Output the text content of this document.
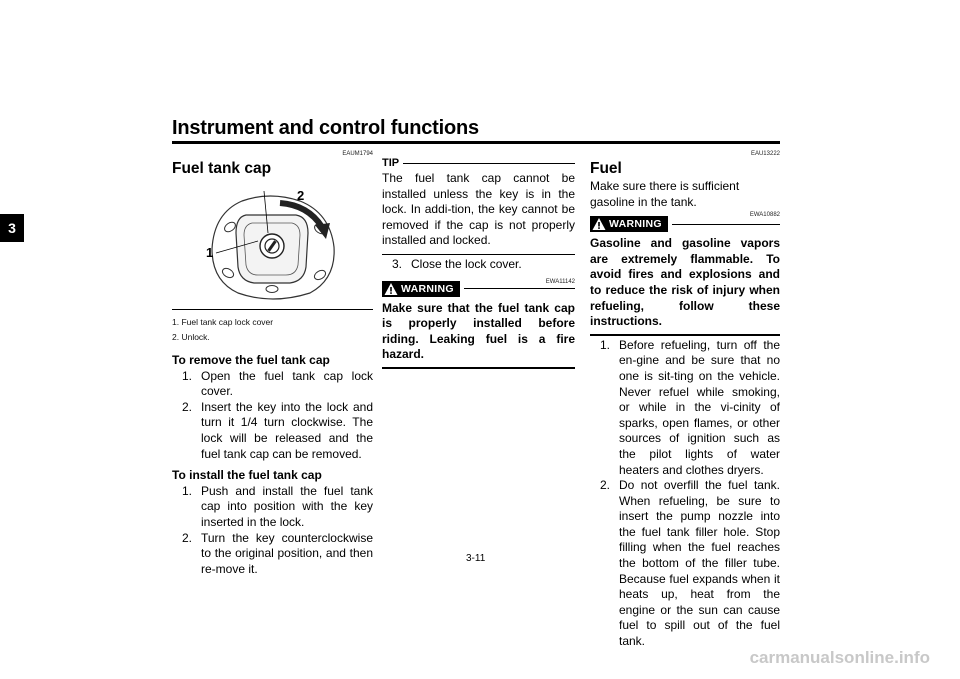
Instrument and control functions
3
EAUM1794
Fuel tank cap
1
2
1. Fuel tank cap lock cover
2. Unlock.
To remove the fuel tank cap
1. Open the fuel tank cap lock cover.
2. Insert the key into the lock and turn it 1/4 turn clockwise. The lock will be released and the fuel tank cap can be removed.
To install the fuel tank cap
1. Push and install the fuel tank cap into position with the key inserted in the lock.
2. Turn the key counterclockwise to the original position, and then re-move it.
TIP
The fuel tank cap cannot be installed unless the key is in the lock. In addi-tion, the key cannot be removed if the cap is not properly installed and locked.
3. Close the lock cover.
EWA11142
WARNING
Make sure that the fuel tank cap is properly installed before riding. Leaking fuel is a fire hazard.
EAU13222
Fuel
Make sure there is sufficient gasoline in the tank.
EWA10882
WARNING
Gasoline and gasoline vapors are extremely flammable. To avoid fires and explosions and to reduce the risk of injury when refueling, follow these instructions.
1. Before refueling, turn off the en-gine and be sure that no one is sit-ting on the vehicle. Never refuel while smoking, or while in the vi-cinity of sparks, open flames, or other sources of ignition such as the pilot lights of water heaters and clothes dryers.
2. Do not overfill the fuel tank. When refueling, be sure to insert the pump nozzle into the fuel tank filler hole. Stop filling when the fuel reaches the bottom of the filler tube. Because fuel expands when it heats up, heat from the engine or the sun can cause fuel to spill out of the fuel tank.
3-11
carmanualsonline.info
